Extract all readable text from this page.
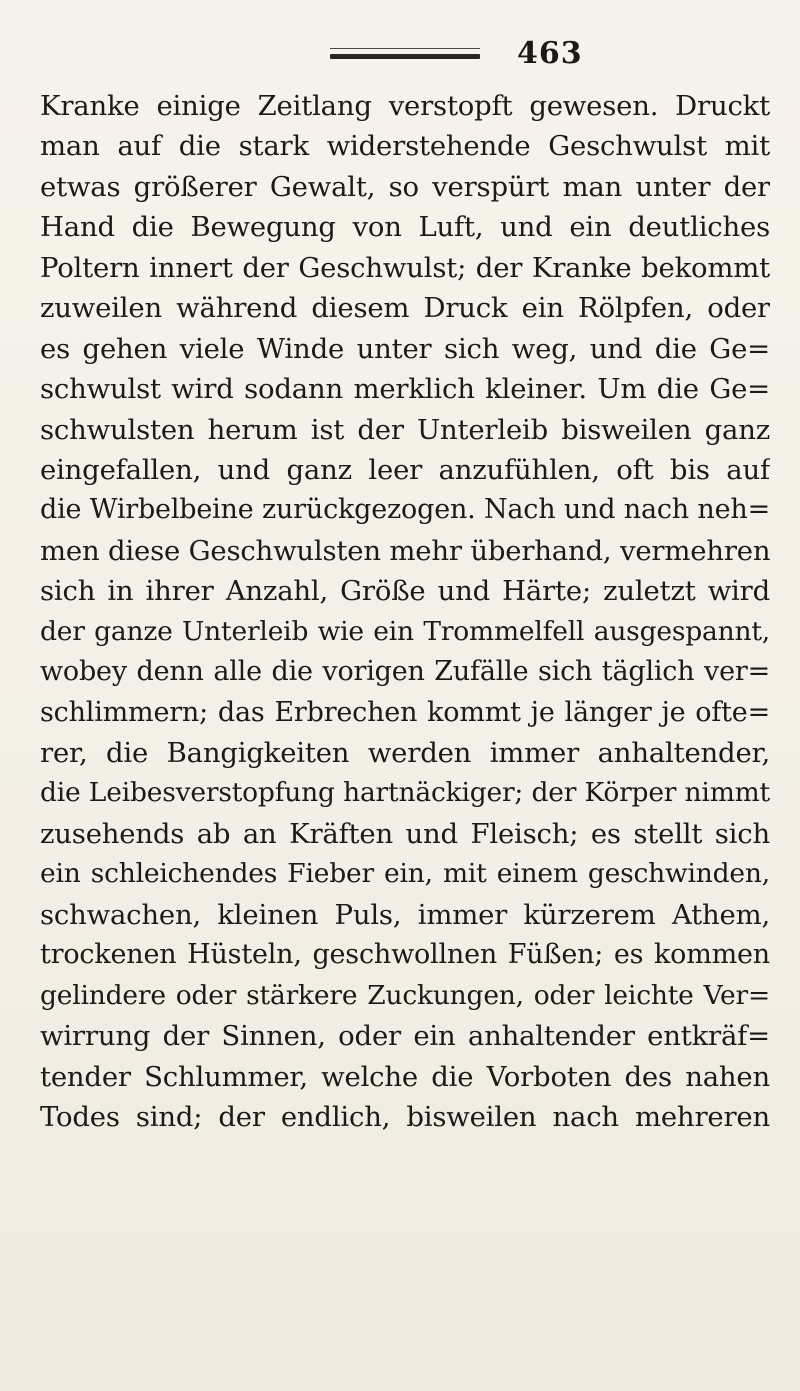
463
Kranke einige Zeitlang verstopft gewesen. Druckt
man auf die stark widerstehende Geschwulst mit
etwas größerer Gewalt, so verspürt man unter der
Hand die Bewegung von Luft, und ein deutliches
Poltern innert der Geschwulst; der Kranke bekommt
zuweilen während diesem Druck ein Rölpfen, oder
es gehen viele Winde unter sich weg, und die Ge=
schwulst wird sodann merklich kleiner. Um die Ge=
schwulsten herum ist der Unterleib bisweilen ganz
eingefallen, und ganz leer anzufühlen, oft bis auf
die Wirbelbeine zurückgezogen. Nach und nach neh=
men diese Geschwulsten mehr überhand, vermehren
sich in ihrer Anzahl, Größe und Härte; zuletzt wird
der ganze Unterleib wie ein Trommelfell ausgespannt,
wobey denn alle die vorigen Zufälle sich täglich ver=
schlimmern; das Erbrechen kommt je länger je ofte=
rer, die Bangigkeiten werden immer anhaltender,
die Leibesverstopfung hartnäckiger; der Körper nimmt
zusehends ab an Kräften und Fleisch; es stellt sich
ein schleichendes Fieber ein, mit einem geschwinden,
schwachen, kleinen Puls, immer kürzerem Athem,
trockenen Hüsteln, geschwollnen Füßen; es kommen
gelindere oder stärkere Zuckungen, oder leichte Ver=
wirrung der Sinnen, oder ein anhaltender entkräf=
tender Schlummer, welche die Vorboten des nahen
Todes sind; der endlich, bisweilen nach mehreren
